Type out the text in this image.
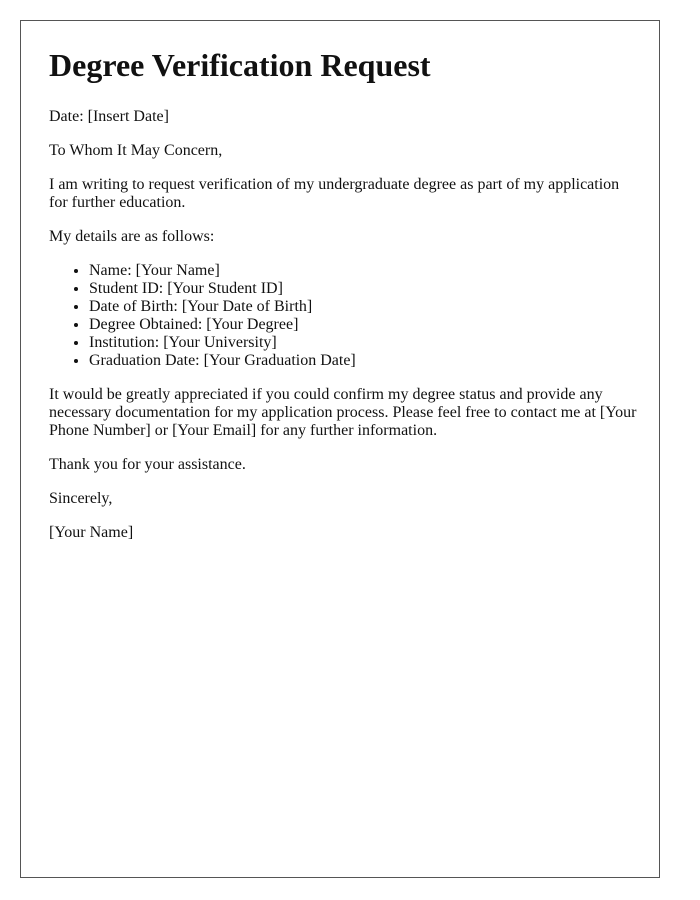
Degree Verification Request

Date: [Insert Date]

To Whom It May Concern,

I am writing to request verification of my undergraduate degree as part of my application for further education.

My details are as follows:

• Name: [Your Name]
• Student ID: [Your Student ID]
• Date of Birth: [Your Date of Birth]
• Degree Obtained: [Your Degree]
• Institution: [Your University]
• Graduation Date: [Your Graduation Date]

It would be greatly appreciated if you could confirm my degree status and provide any necessary documentation for my application process. Please feel free to contact me at [Your Phone Number] or [Your Email] for any further information.

Thank you for your assistance.

Sincerely,

[Your Name]
